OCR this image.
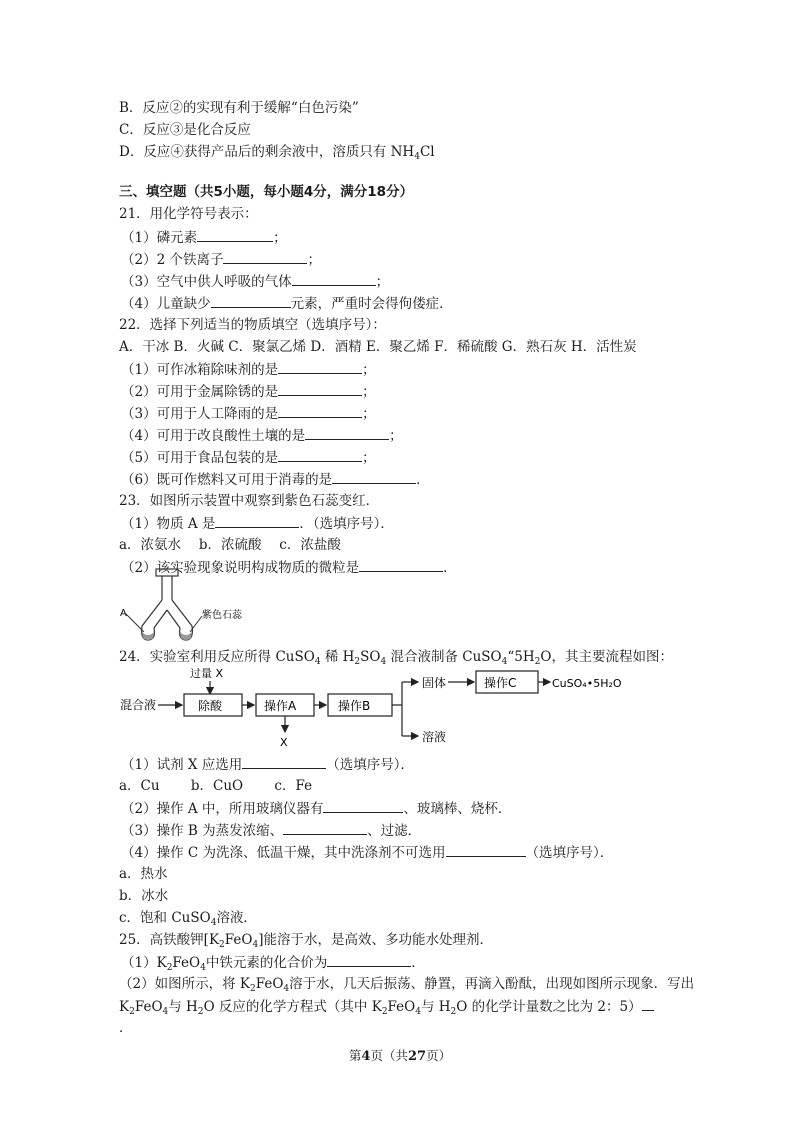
B．反应②的实现有利于缓解“白色污染”
C．反应③是化合反应
D．反应④获得产品后的剩余液中，溶质只有 $NH_4Cl$
三、填空题（共5小题，每小题4分，满分18分）
21．用化学符号表示：
（1）磷元素	；
（2）2 个铁离子	；
（3）空气中供人呼吸的气体	；
（4）儿童缺少	元素，严重时会得佝偻症．
22．选择下列适当的物质填空（选填序号）：
A．干冰 B．火碱 C．聚氯乙烯 D．酒精 E．聚乙烯 F．稀硫酸 G．熟石灰 H．活性炭
（1）可作冰箱除味剂的是	；
（2）可用于金属除锈的是	；
（3）可用于人工降雨的是	；
（4）可用于改良酸性土壤的是	；
（5）可用于食品包装的是	；
（6）既可作燃料又可用于消毒的是	．
23．如图所示装置中观察到紫色石蕊变红．
（1）物质 A 是	．（选填序号）．
a．浓氨水　 b．浓硫酸　 c．浓盐酸
（2）该实验现象说明构成物质的微粒是	．
A	紫色石蕊
24．实验室利用反应所得 CuSO$_4$ 稀 $H_2SO_4$ 混合液制备 $CuSO_4“5H_2O$，其主要流程如图：
过量 X
混合液	除酸	操作A
X
操作B
固体	操作C	CuSO₄•5H₂O
溶液
（1）试剂 X 应选用	（选填序号）．
a．Cu　　 b．CuO　　 c．Fe
（2）操作 A 中，所用玻璃仪器有	、玻璃棒、烧杯．
（3）操作 B 为蒸发浓缩、	、过滤．
（4）操作 C 为洗涤、低温干燥，其中洗涤剂不可选用	（选填序号）．
a．热水
b．冰水
c．饱和 CuSO$_4$溶液．
25．高铁酸钾$[K_2FeO_4]$能溶于水，是高效、多功能水处理剂．
$(1)K_2FeO_4$中铁元素的化合价为	．
（2）如图所示，将 $K_2FeO_4$溶于水，几天后振荡、静置，再滴入酚酞，出现如图所示现象．写出
$K_2FeO_4$与 $H_2O$ 反应的化学方程式（其中 $K_2FeO_4$与 $H_2O$ 的化学计量数之比为 2：5）
．
第4页（共27页）
